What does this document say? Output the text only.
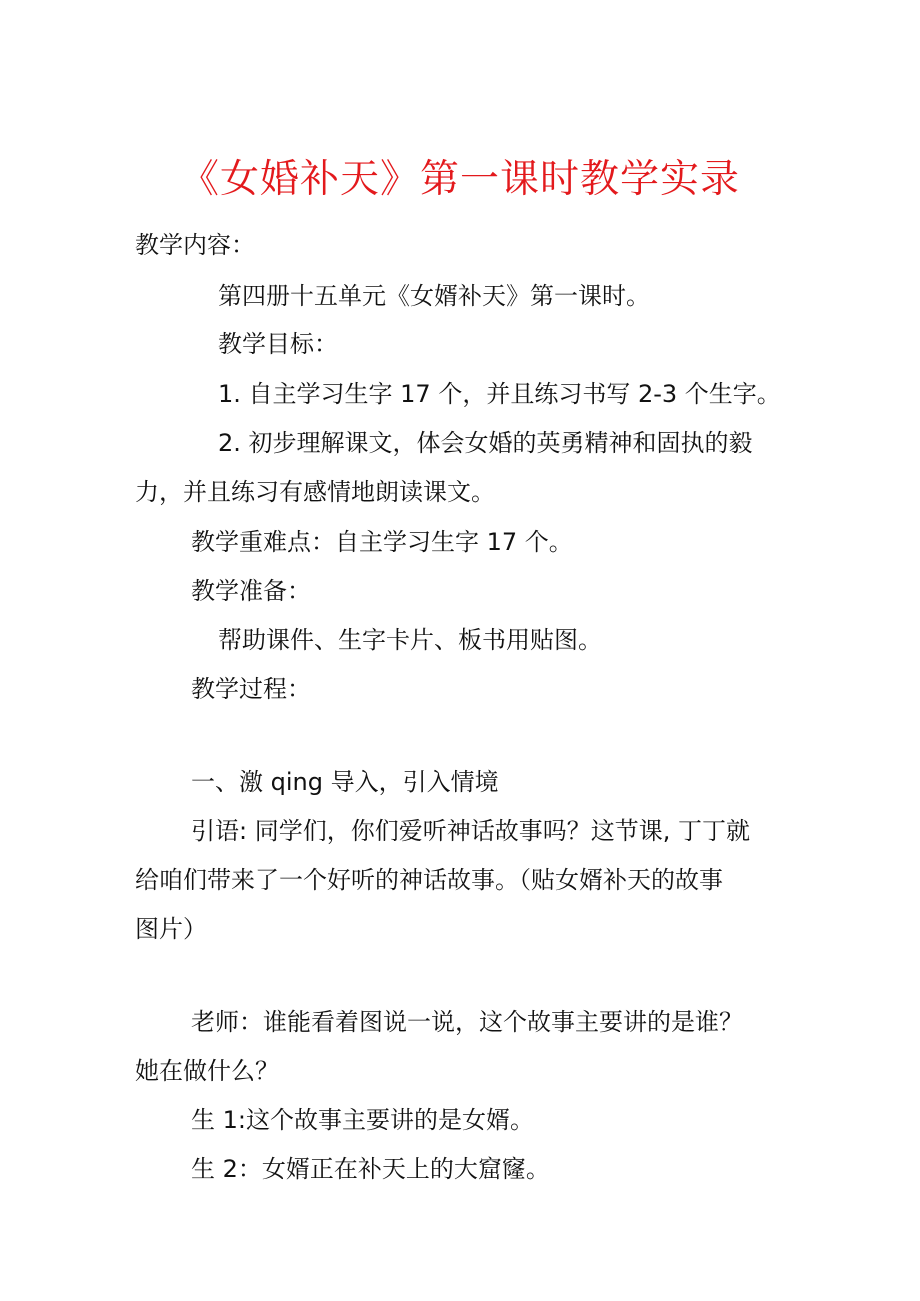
《女婚补天》第一课时教学实录
教学内容：
第四册十五单元《女婿补天》第一课时。
教学目标：
1. 自主学习生字 17 个，并且练习书写 2-3 个生字。
2. 初步理解课文，体会女婚的英勇精神和固执的毅
力，并且练习有感情地朗读课文。
教学重难点：自主学习生字 17 个。
教学准备：
帮助课件、生字卡片、板书用贴图。
教学过程：
一、激 qing 导入，引入情境
引语: 同学们，你们爱听神话故事吗？这节课, 丁丁就
给咱们带来了一个好听的神话故事。（贴女婿补天的故事
图片）
老师：谁能看着图说一说，这个故事主要讲的是谁？
她在做什么？
生 1:这个故事主要讲的是女婿。
生 2：女婿正在补天上的大窟窿。
